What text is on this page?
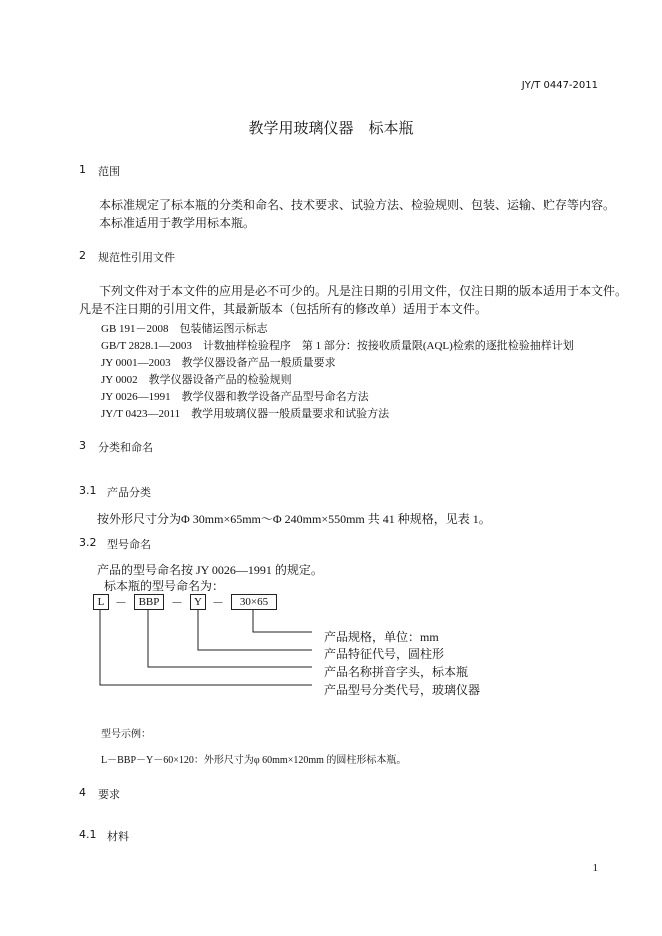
JY/T 0447-2011
教学用玻璃仪器　标本瓶
1 范围
本标准规定了标本瓶的分类和命名、技术要求、试验方法、检验规则、包装、运输、贮存等内容。
本标准适用于教学用标本瓶。
2 规范性引用文件
下列文件对于本文件的应用是必不可少的。凡是注日期的引用文件，仅注日期的版本适用于本文件。
凡是不注日期的引用文件，其最新版本（包括所有的修改单）适用于本文件。
GB 191－2008　包装储运图示标志
GB/T 2828.1—2003　计数抽样检验程序　第 1 部分：按接收质量限(AQL)检索的逐批检验抽样计划
JY 0001—2003　教学仪器设备产品一般质量要求
JY 0002　教学仪器设备产品的检验规则
JY 0026—1991　教学仪器和教学设备产品型号命名方法
JY/T 0423—2011　教学用玻璃仪器一般质量要求和试验方法
3 分类和命名
3.1 产品分类
按外形尺寸分为Φ 30mm×65mm～Φ 240mm×550mm 共 41 种规格，见表 1。
3.2 型号命名
产品的型号命名按 JY 0026—1991 的规定。
标本瓶的型号命名为：
L －	BBP －	Y －	30×65
产品规格，单位：mm
产品特征代号，圆柱形
产品名称拼音字头，标本瓶
产品型号分类代号，玻璃仪器
型号示例：
L－BBP－Y－60×120：外形尺寸为φ 60mm×120mm 的圆柱形标本瓶。
4 要求
4.1 材料
1
